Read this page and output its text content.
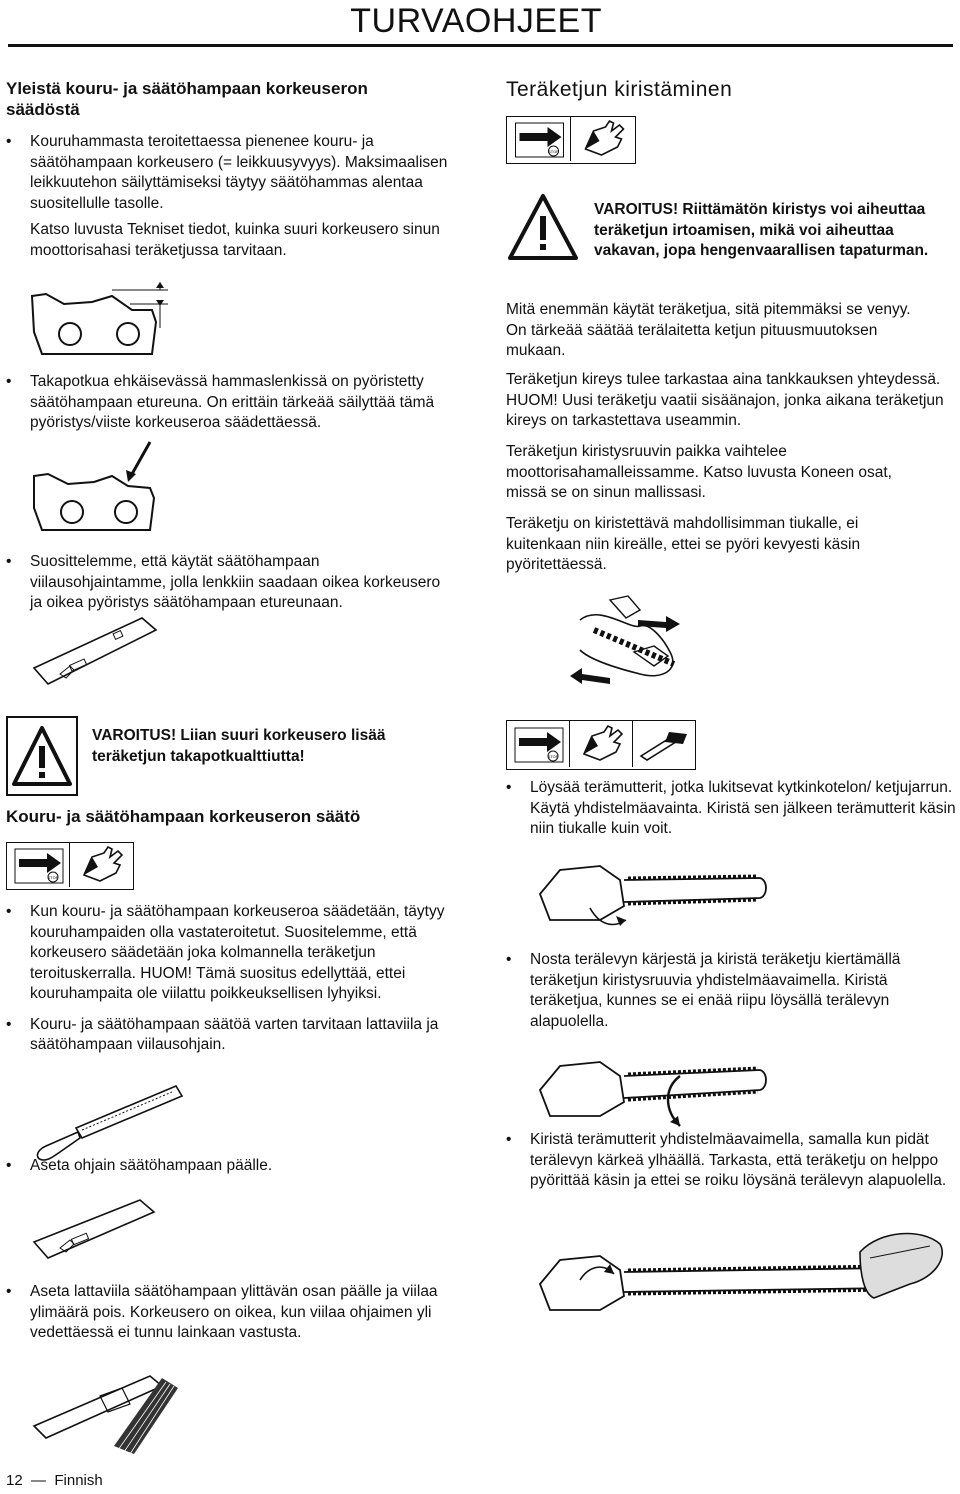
TURVAOHJEET
Yleistä kouru- ja säätöhampaan korkeuseron säädöstä
• Kouruhammasta teroitettaessa pienenee kouru- ja säätöhampaan korkeusero (= leikkuusyvyys). Maksimaalisen leikkuutehon säilyttämiseksi täytyy säätöhammas alentaa suositellulle tasolle.
Katso luvusta Tekniset tiedot, kuinka suuri korkeusero sinun moottorisahasi teräketjussa tarvitaan.
• Takapotkua ehkäisevässä hammaslenkissä on pyöristetty säätöhampaan etureuna. On erittäin tärkeää säilyttää tämä pyöristys/viiste korkeuseroa säädettäessä.
• Suosittelemme, että käytät säätöhampaan viilausohjaintamme, jolla lenkkiin saadaan oikea korkeusero ja oikea pyöristys säätöhampaan etureunaan.
VAROITUS! Liian suuri korkeusero lisää teräketjun takapotkualttiutta!
Kouru- ja säätöhampaan korkeuseron säätö
STOP
• Kun kouru- ja säätöhampaan korkeuseroa säädetään, täytyy kouruhampaiden olla vastateroitetut. Suositelemme, että korkeusero säädetään joka kolmannella teräketjun teroituskerralla. HUOM! Tämä suositus edellyttää, ettei kouruhampaita ole viilattu poikkeuksellisen lyhyiksi.
• Kouru- ja säätöhampaan säätöä varten tarvitaan lattaviila ja säätöhampaan viilausohjain.
• Aseta ohjain säätöhampaan päälle.
• Aseta lattaviila säätöhampaan ylittävän osan päälle ja viilaa ylimäärä pois. Korkeusero on oikea, kun viilaa ohjaimen yli vedettäessä ei tunnu lainkaan vastusta.
12  —  Finnish
Teräketjun kiristäminen
STOP
VAROITUS! Riittämätön kiristys voi aiheuttaa teräketjun irtoamisen, mikä voi aiheuttaa vakavan, jopa hengenvaarallisen tapaturman.
Mitä enemmän käytät teräketjua, sitä pitemmäksi se venyy. On tärkeää säätää terälaitetta ketjun pituusmuutoksen mukaan.
Teräketjun kireys tulee tarkastaa aina tankkauksen yhteydessä. HUOM! Uusi teräketju vaatii sisäänajon, jonka aikana teräketjun kireys on tarkastettava useammin.
Teräketjun kiristysruuvin paikka vaihtelee moottorisahamalleissamme. Katso luvusta Koneen osat, missä se on sinun mallissasi.
Teräketju on kiristettävä mahdollisimman tiukalle, ei kuitenkaan niin kireälle, ettei se pyöri kevyesti käsin pyöritettäessä.
STOP
• Löysää terämutterit, jotka lukitsevat kytkinkotelon/ ketjujarrun. Käytä yhdistelmäavainta. Kiristä sen jälkeen terämutterit käsin niin tiukalle kuin voit.
• Nosta terälevyn kärjestä ja kiristä teräketju kiertämällä teräketjun kiristysruuvia yhdistelmäavaimella. Kiristä teräketjua, kunnes se ei enää riipu löysällä terälevyn alapuolella.
• Kiristä terämutterit yhdistelmäavaimella, samalla kun pidät terälevyn kärkeä ylhäällä. Tarkasta, että teräketju on helppo pyörittää käsin ja ettei se roiku löysänä terälevyn alapuolella.
